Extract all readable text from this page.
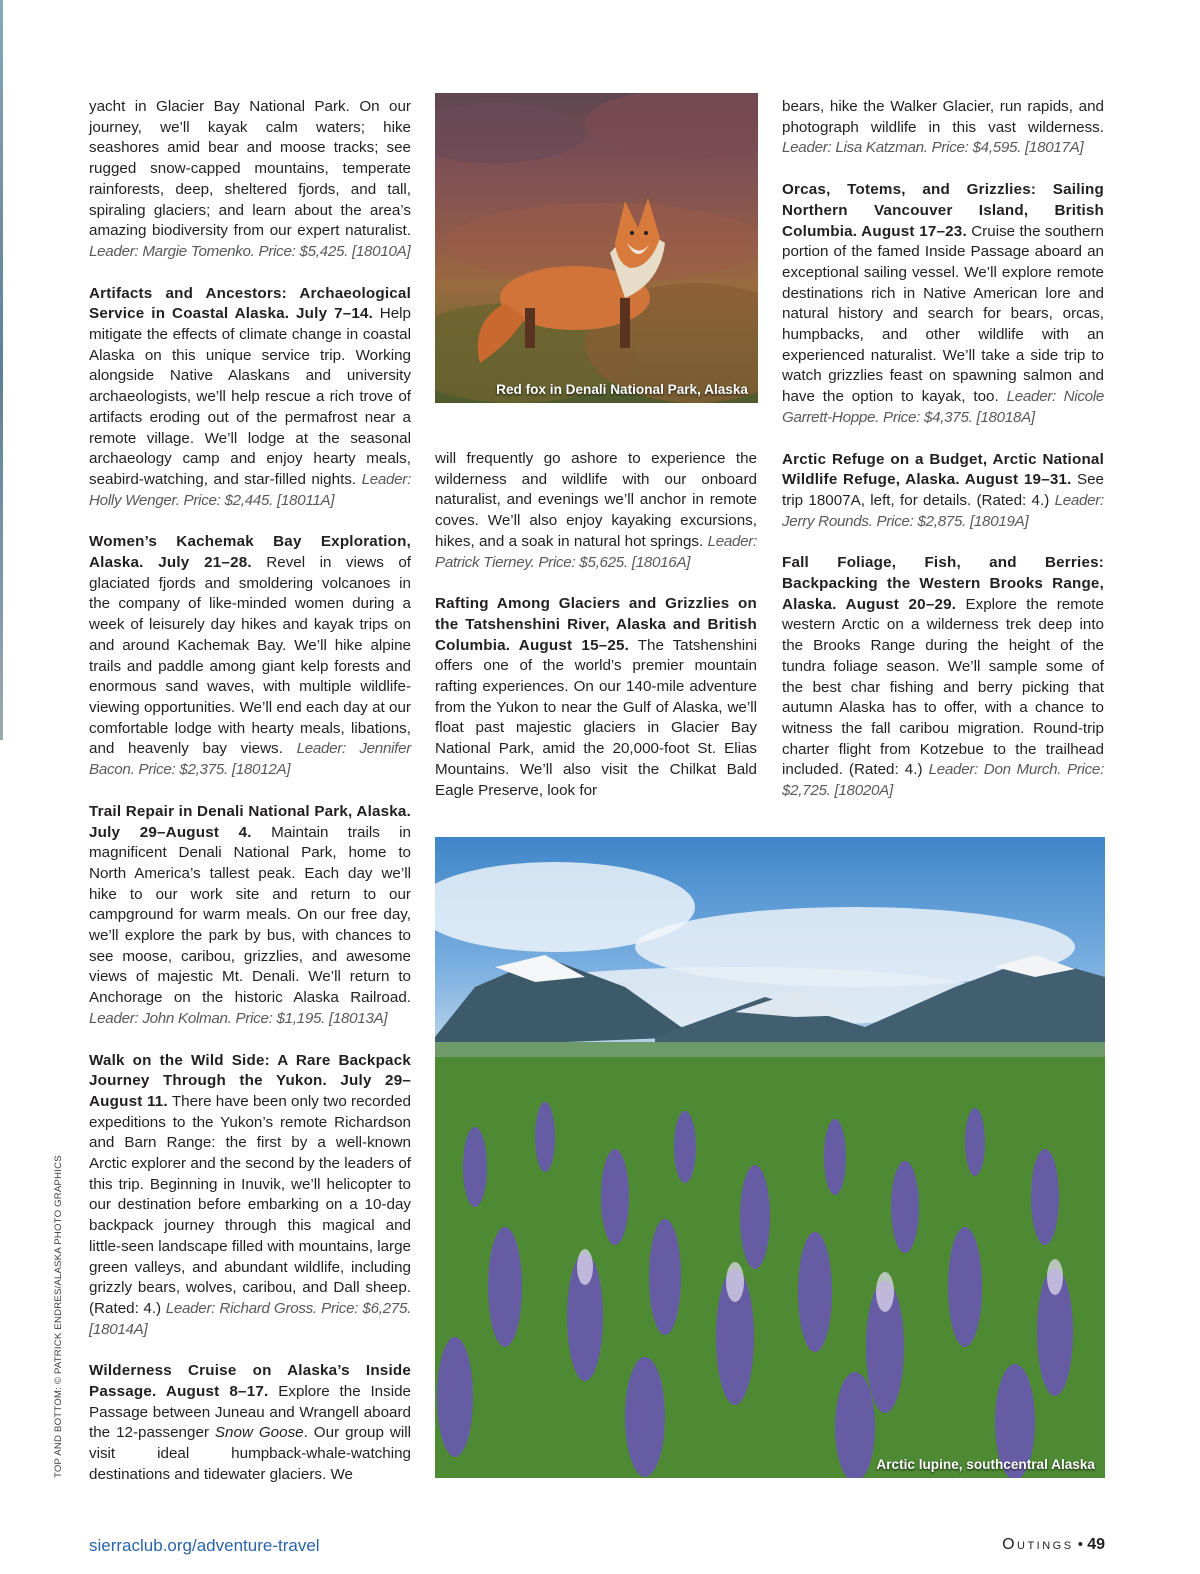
yacht in Glacier Bay National Park. On our journey, we’ll kayak calm waters; hike seashores amid bear and moose tracks; see rugged snow-capped mountains, temperate rainforests, deep, sheltered fjords, and tall, spiraling glaciers; and learn about the area’s amazing biodiversity from our expert naturalist. Leader: Margie Tomenko. Price: $5,425. [18010A]

Artifacts and Ancestors: Archaeological Service in Coastal Alaska. July 7–14. Help mitigate the effects of climate change in coastal Alaska on this unique service trip. Working alongside Native Alaskans and university archaeologists, we’ll help rescue a rich trove of artifacts eroding out of the permafrost near a remote village. We’ll lodge at the seasonal archaeology camp and enjoy hearty meals, seabird-watching, and star-filled nights. Leader: Holly Wenger. Price: $2,445. [18011A]

Women’s Kachemak Bay Exploration, Alaska. July 21–28. Revel in views of glaciated fjords and smoldering volcanoes in the company of like-minded women during a week of leisurely day hikes and kayak trips on and around Kachemak Bay. We’ll hike alpine trails and paddle among giant kelp forests and enormous sand waves, with multiple wildlife-viewing opportunities. We’ll end each day at our comfortable lodge with hearty meals, libations, and heavenly bay views. Leader: Jennifer Bacon. Price: $2,375. [18012A]

Trail Repair in Denali National Park, Alaska. July 29–August 4. Maintain trails in magnificent Denali National Park, home to North America’s tallest peak. Each day we’ll hike to our work site and return to our campground for warm meals. On our free day, we’ll explore the park by bus, with chances to see moose, caribou, grizzlies, and awesome views of majestic Mt. Denali. We’ll return to Anchorage on the historic Alaska Railroad. Leader: John Kolman. Price: $1,195. [18013A]

Walk on the Wild Side: A Rare Backpack Journey Through the Yukon. July 29–August 11. There have been only two recorded expeditions to the Yukon’s remote Richardson and Barn Range: the first by a well-known Arctic explorer and the second by the leaders of this trip. Beginning in Inuvik, we’ll helicopter to our destination before embarking on a 10-day backpack journey through this magical and little-seen landscape filled with mountains, large green valleys, and abundant wildlife, including grizzly bears, wolves, caribou, and Dall sheep. (Rated: 4.) Leader: Richard Gross. Price: $6,275. [18014A]

Wilderness Cruise on Alaska’s Inside Passage. August 8–17. Explore the Inside Passage between Juneau and Wrangell aboard the 12-passenger Snow Goose. Our group will visit ideal humpback-whale-watching destinations and tidewater glaciers. We

Red fox in Denali National Park, Alaska

will frequently go ashore to experience the wilderness and wildlife with our onboard naturalist, and evenings we’ll anchor in remote coves. We’ll also enjoy kayaking excursions, hikes, and a soak in natural hot springs. Leader: Patrick Tierney. Price: $5,625. [18016A]

Rafting Among Glaciers and Grizzlies on the Tatshenshini River, Alaska and British Columbia. August 15–25. The Tatshenshini offers one of the world’s premier mountain rafting experiences. On our 140-mile adventure from the Yukon to near the Gulf of Alaska, we’ll float past majestic glaciers in Glacier Bay National Park, amid the 20,000-foot St. Elias Mountains. We’ll also visit the Chilkat Bald Eagle Preserve, look for

bears, hike the Walker Glacier, run rapids, and photograph wildlife in this vast wilderness. Leader: Lisa Katzman. Price: $4,595. [18017A]

Orcas, Totems, and Grizzlies: Sailing Northern Vancouver Island, British Columbia. August 17–23. Cruise the southern portion of the famed Inside Passage aboard an exceptional sailing vessel. We’ll explore remote destinations rich in Native American lore and natural history and search for bears, orcas, humpbacks, and other wildlife with an experienced naturalist. We’ll take a side trip to watch grizzlies feast on spawning salmon and have the option to kayak, too. Leader: Nicole Garrett-Hoppe. Price: $4,375. [18018A]

Arctic Refuge on a Budget, Arctic National Wildlife Refuge, Alaska. August 19–31. See trip 18007A, left, for details. (Rated: 4.) Leader: Jerry Rounds. Price: $2,875. [18019A]

Fall Foliage, Fish, and Berries: Backpacking the Western Brooks Range, Alaska. August 20–29. Explore the remote western Arctic on a wilderness trek deep into the Brooks Range during the height of the tundra foliage season. We’ll sample some of the best char fishing and berry picking that autumn Alaska has to offer, with a chance to witness the fall caribou migration. Round-trip charter flight from Kotzebue to the trailhead included. (Rated: 4.) Leader: Don Murch. Price: $2,725. [18020A]

Arctic lupine, southcentral Alaska
TOP AND BOTTOM: © PATRICK ENDRES/ALASKA PHOTO GRAPHICS
sierraclub.org/adventure-travel	Outings • 49
